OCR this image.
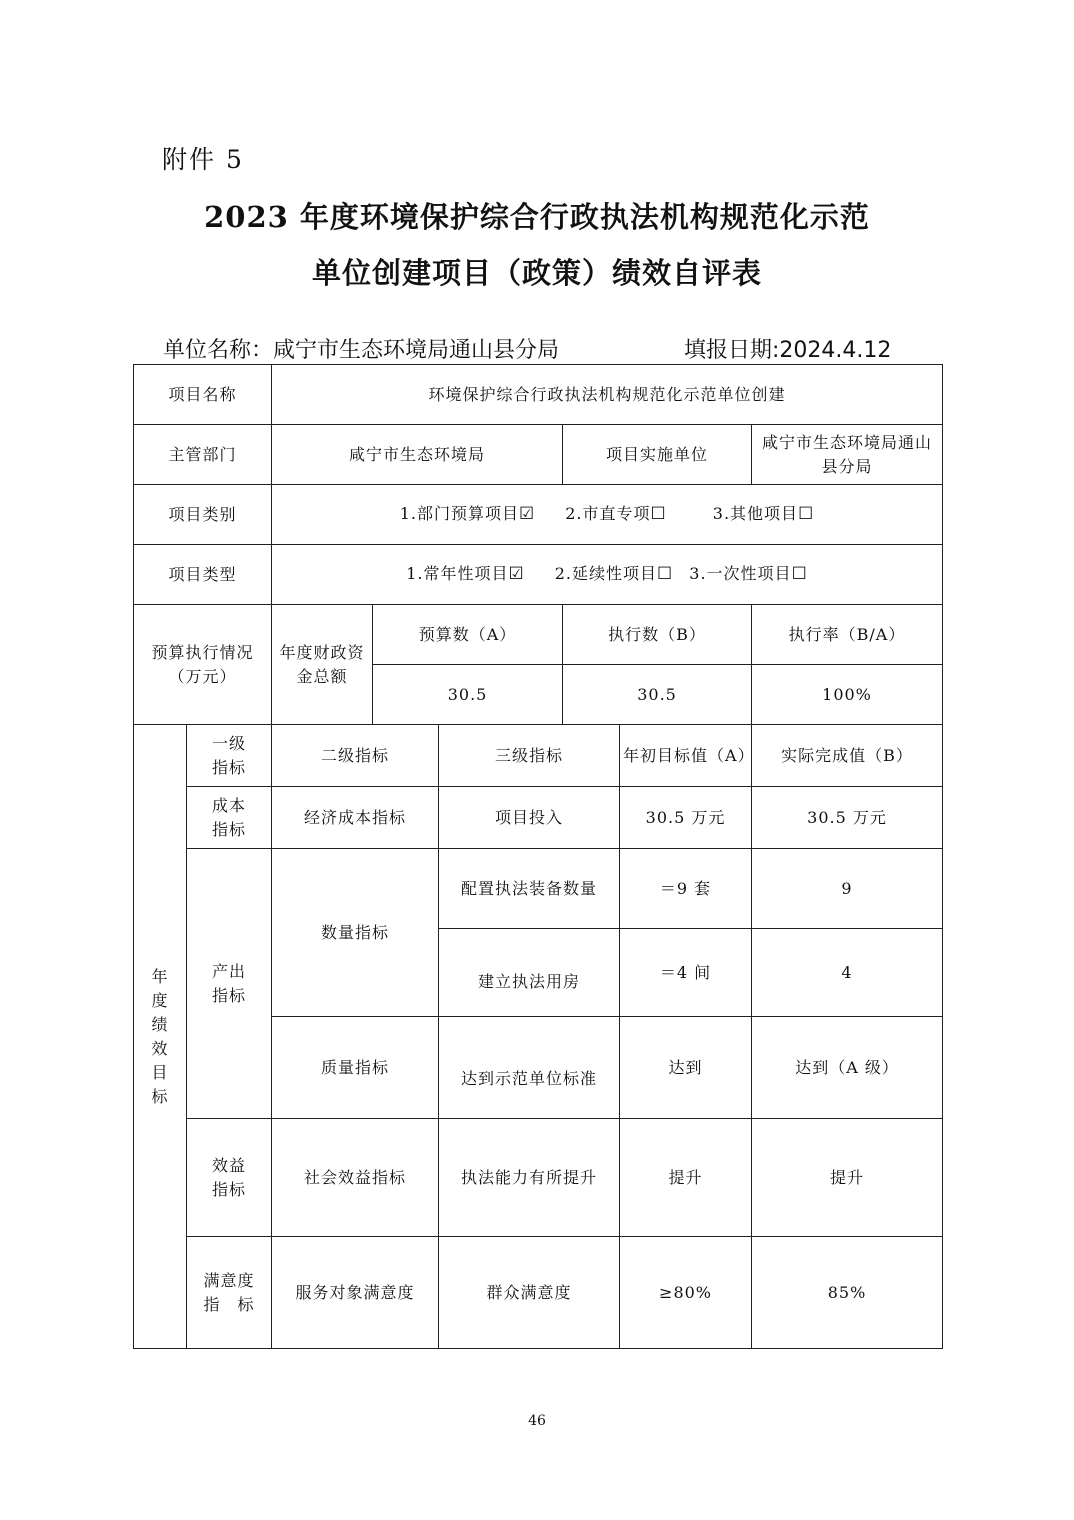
附件 5
2023 年度环境保护综合行政执法机构规范化示范
单位创建项目（政策）绩效自评表
单位名称：咸宁市生态环境局通山县分局	填报日期:2024.4.12
项目名称		环境保护综合行政执法机构规范化示范单位创建					
主管部门		咸宁市生态环境局			项目实施单位		咸宁市生态环境局通山县分局
项目类别		1.部门预算项目☑ 2.市直专项☐ 3.其他项目☐					
项目类型		1.常年性项目☑ 2.延续性项目☐ 3.一次性项目☐					
预算执行情况（万元）		年度财政资金总额	预算数（A）		执行数（B）		执行率（B/A）
			30.5		30.5		100%
年度绩效目标	一级指标	二级指标		三级指标		年初目标值（A）	实际完成值（B）
	成本指标	经济成本指标		项目投入		30.5 万元	30.5 万元
	产出指标	数量指标		配置执法装备数量		＝9 套	9
				建立执法用房		＝4 间	4
		质量指标		达到示范单位标准		达到	达到（A 级）
	效益指标	社会效益指标		执法能力有所提升		提升	提升
	满意度指　标	服务对象满意度		群众满意度		≥80%	85%
46
